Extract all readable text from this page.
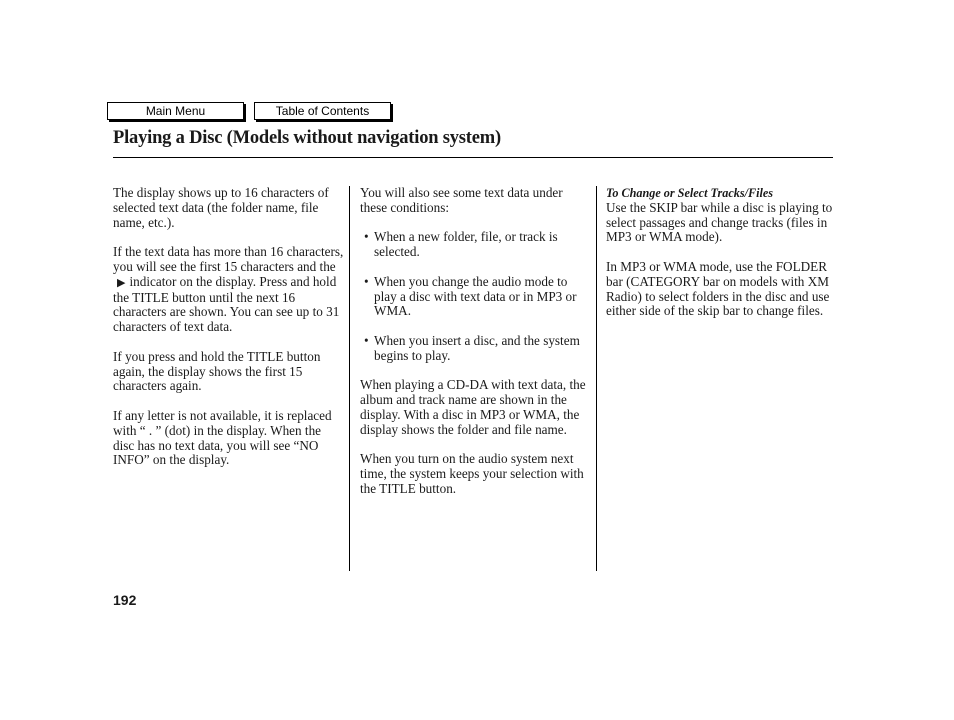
Main Menu	Table of Contents
Playing a Disc (Models without navigation system)

The display shows up to 16 characters of selected text data (the folder name, file name, etc.).

If the text data has more than 16 characters, you will see the first 15 characters and the▶ indicator on the display. Press and hold the TITLE button until the next 16 characters are shown. You can see up to 31 characters of text data.

If you press and hold the TITLE button again, the display shows the first 15 characters again.

If any letter is not available, it is replaced with “ . ” (dot) in the display. When the disc has no text data, you will see “NO INFO” on the display.

You will also see some text data under these conditions:

• When a new folder, file, or track is selected.
• When you change the audio mode to play a disc with text data or in MP3 or WMA.
• When you insert a disc, and the system begins to play.

When playing a CD-DA with text data, the album and track name are shown in the display. With a disc in MP3 or WMA, the display shows the folder and file name.

When you turn on the audio system next time, the system keeps your selection with the TITLE button.

To Change or Select Tracks/Files

Use the SKIP bar while a disc is playing to select passages and change tracks (files in MP3 or WMA mode).

In MP3 or WMA mode, use the FOLDER bar (CATEGORY bar on models with XM Radio) to select folders in the disc and use either side of the skip bar to change files.

192
